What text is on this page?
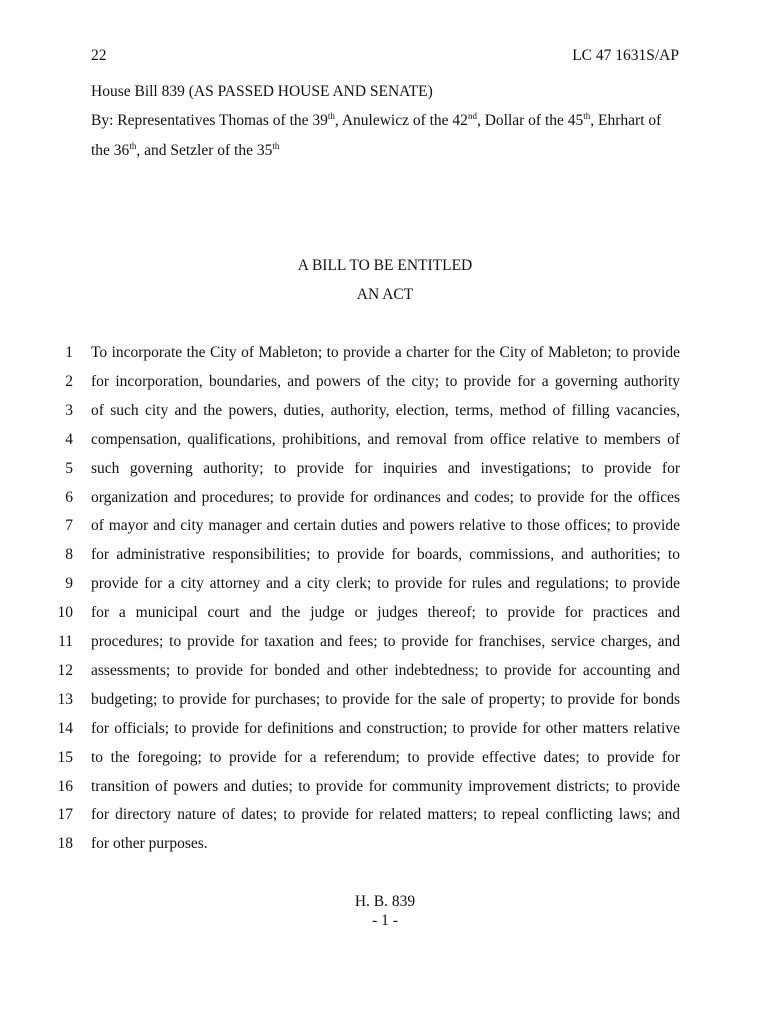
22	LC 47 1631S/AP
House Bill 839 (AS PASSED HOUSE AND SENATE)
By: Representatives Thomas of the 39th, Anulewicz of the 42nd, Dollar of the 45th, Ehrhart of
the 36th, and Setzler of the 35th
A BILL TO BE ENTITLED
AN ACT
1 To incorporate the City of Mableton; to provide a charter for the City of Mableton; to provide
2 for incorporation, boundaries, and powers of the city; to provide for a governing authority
3 of such city and the powers, duties, authority, election, terms, method of filling vacancies,
4 compensation, qualifications, prohibitions, and removal from office relative to members of
5 such governing authority; to provide for inquiries and investigations; to provide for
6 organization and procedures; to provide for ordinances and codes; to provide for the offices
7 of mayor and city manager and certain duties and powers relative to those offices; to provide
8 for administrative responsibilities; to provide for boards, commissions, and authorities; to
9 provide for a city attorney and a city clerk; to provide for rules and regulations; to provide
10 for a municipal court and the judge or judges thereof; to provide for practices and
11 procedures; to provide for taxation and fees; to provide for franchises, service charges, and
12 assessments; to provide for bonded and other indebtedness; to provide for accounting and
13 budgeting; to provide for purchases; to provide for the sale of property; to provide for bonds
14 for officials; to provide for definitions and construction; to provide for other matters relative
15 to the foregoing; to provide for a referendum; to provide effective dates; to provide for
16 transition of powers and duties; to provide for community improvement districts; to provide
17 for directory nature of dates; to provide for related matters; to repeal conflicting laws; and
18 for other purposes.
H. B. 839
- 1 -
